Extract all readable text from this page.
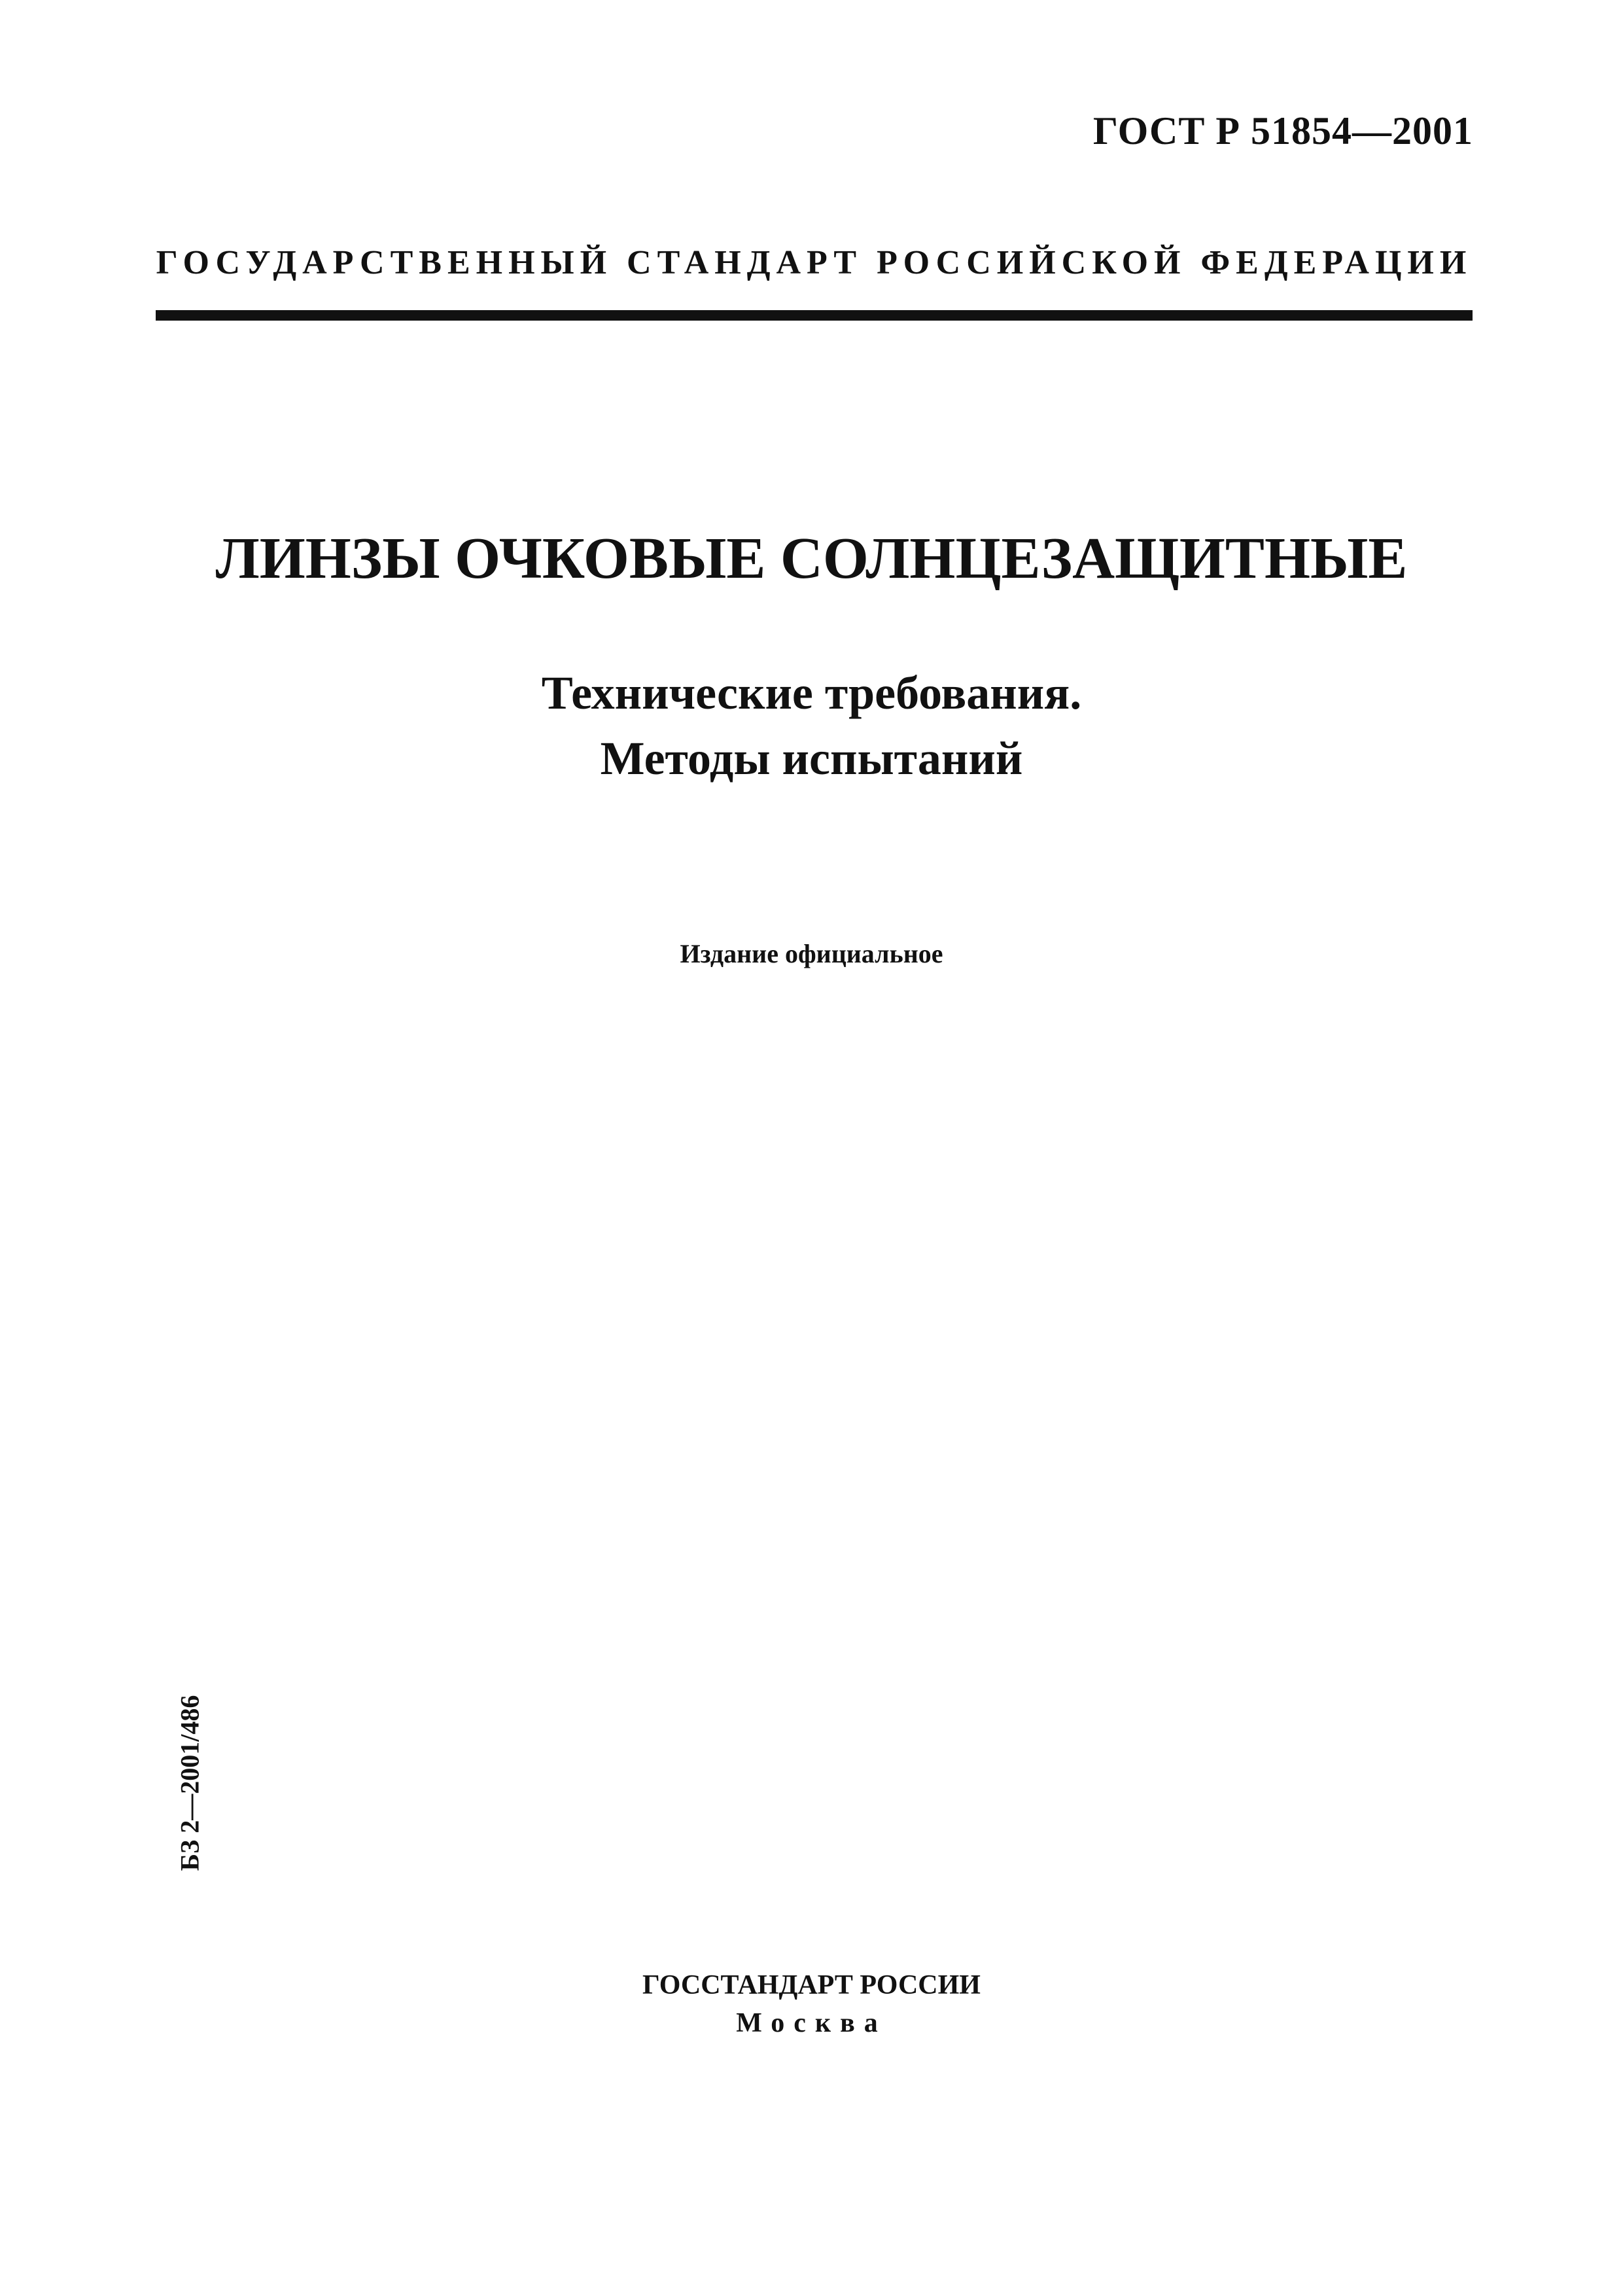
ГОСТ Р 51854—2001
ГОСУДАРСТВЕННЫЙ СТАНДАРТ РОССИЙСКОЙ ФЕДЕРАЦИИ
ЛИНЗЫ ОЧКОВЫЕ СОЛНЦЕЗАЩИТНЫЕ
Технические требования.
Методы испытаний
Издание официальное
БЗ 2—2001/486
ГОССТАНДАРТ РОССИИ
Москва
